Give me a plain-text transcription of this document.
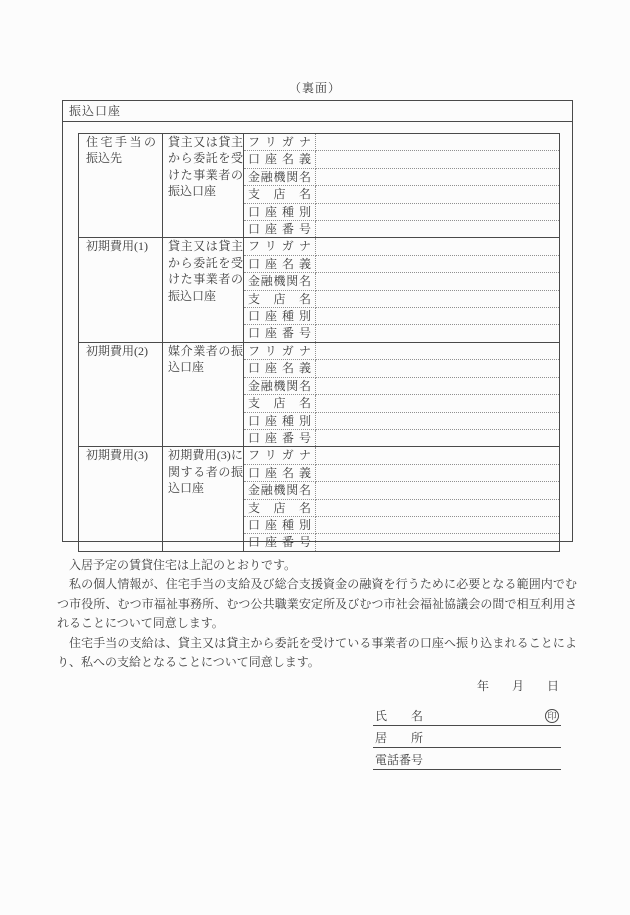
（裏面）
振込口座
住宅手当の振込先	貸主又は貸主から委託を受けた事業者の振込口座	フリガナ	
		口座名義	
		金融機関名	
		支店名	
		口座種別	
		口座番号	
初期費用(1)	貸主又は貸主から委託を受けた事業者の振込口座	フリガナ	
		口座名義	
		金融機関名	
		支店名	
		口座種別	
		口座番号	
初期費用(2)	媒介業者の振込口座	フリガナ	
		口座名義	
		金融機関名	
		支店名	
		口座種別	
		口座番号	
初期費用(3)	初期費用(3)に関する者の振込口座	フリガナ	
		口座名義	
		金融機関名	
		支店名	
		口座種別	
		口座番号	

入居予定の賃貸住宅は上記のとおりです。

私の個人情報が、住宅手当の支給及び総合支援資金の融資を行うために必要となる範囲内でむつ市役所、むつ市福祉事務所、むつ公共職業安定所及びむつ市社会福祉協議会の間で相互利用されることについて同意します。

住宅手当の支給は、貸主又は貸主から委託を受けている事業者の口座へ振り込まれることにより、私への支給となることについて同意します。

年 月 日
氏名	印
居所
電話番号
